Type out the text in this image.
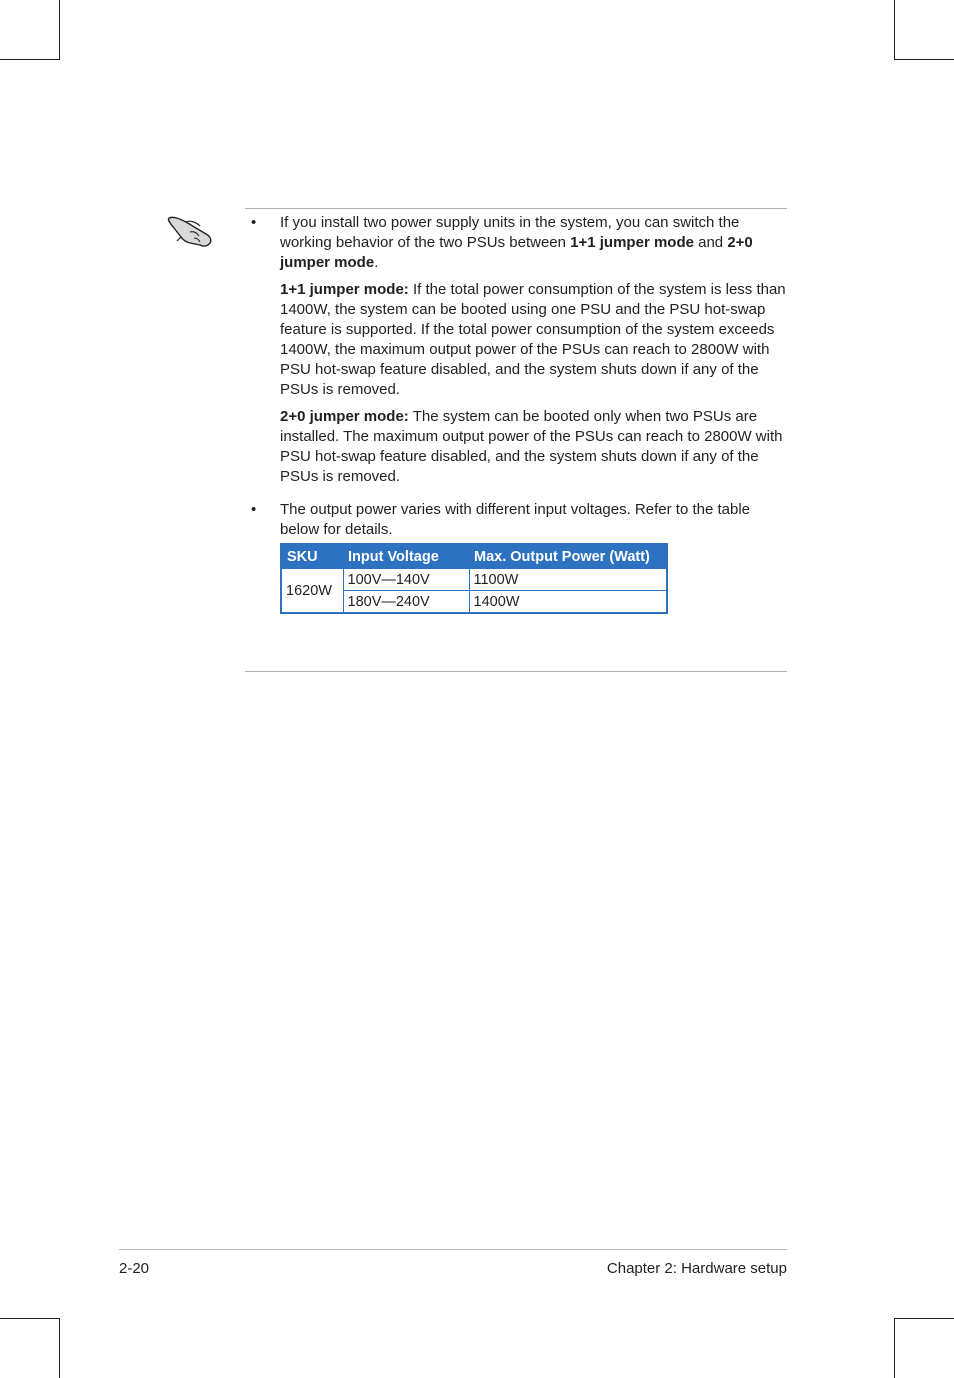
• If you install two power supply units in the system, you can switch the working behavior of the two PSUs between 1+1 jumper mode and 2+0 jumper mode.

1+1 jumper mode: If the total power consumption of the system is less than 1400W, the system can be booted using one PSU and the PSU hot-swap feature is supported. If the total power consumption of the system exceeds 1400W, the maximum output power of the PSUs can reach to 2800W with PSU hot-swap feature disabled, and the system shuts down if any of the PSUs is removed.

2+0 jumper mode: The system can be booted only when two PSUs are installed. The maximum output power of the PSUs can reach to 2800W with PSU hot-swap feature disabled, and the system shuts down if any of the PSUs is removed.

• The output power varies with different input voltages. Refer to the table below for details.

SKU	Input Voltage	Max. Output Power (Watt)
1620W	100V—140V	1100W
	180V—240V	1400W
2-20	Chapter 2: Hardware setup
